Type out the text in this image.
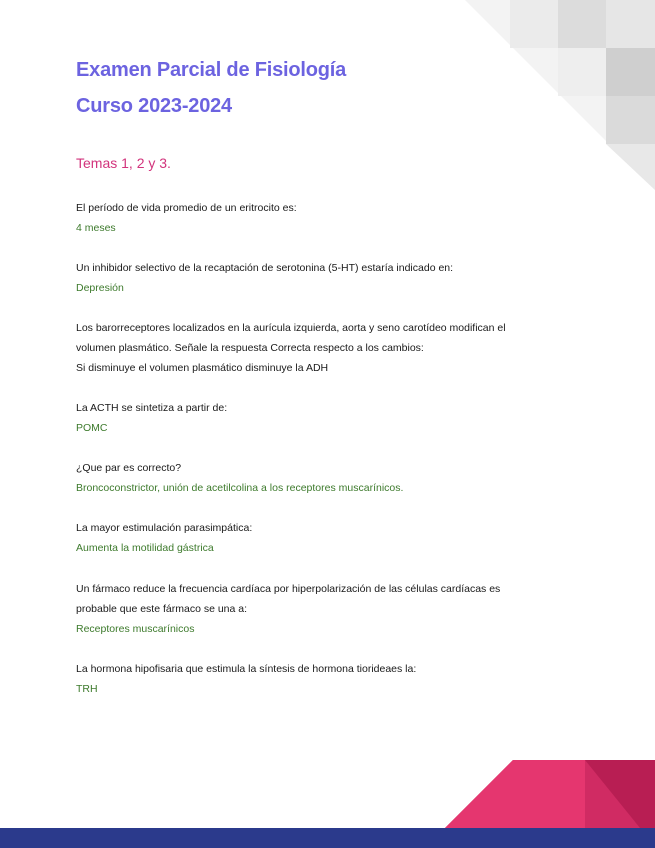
Examen Parcial de Fisiología
Curso 2023-2024
Temas 1, 2 y 3.

El período de vida promedio de un eritrocito es:

4 meses

Un inhibidor selectivo de la recaptación de serotonina (5-HT) estaría indicado en:

Depresión

Los barorreceptores localizados en la aurícula izquierda, aorta y seno carotídeo modifican el

volumen plasmático. Señale la respuesta Correcta respecto a los cambios:

Si disminuye el volumen plasmático disminuye la ADH

La ACTH se sintetiza a partir de:

POMC

¿Que par es correcto?

Broncoconstrictor, unión de acetilcolina a los receptores muscarínicos.

La mayor estimulación parasimpática:

Aumenta la motilidad gástrica

Un fármaco reduce la frecuencia cardíaca por hiperpolarización de las células cardíacas es

probable que este fármaco se una a:

Receptores muscarínicos

La hormona hipofisaria que estimula la síntesis de hormona tiorideaes la:

TRH
